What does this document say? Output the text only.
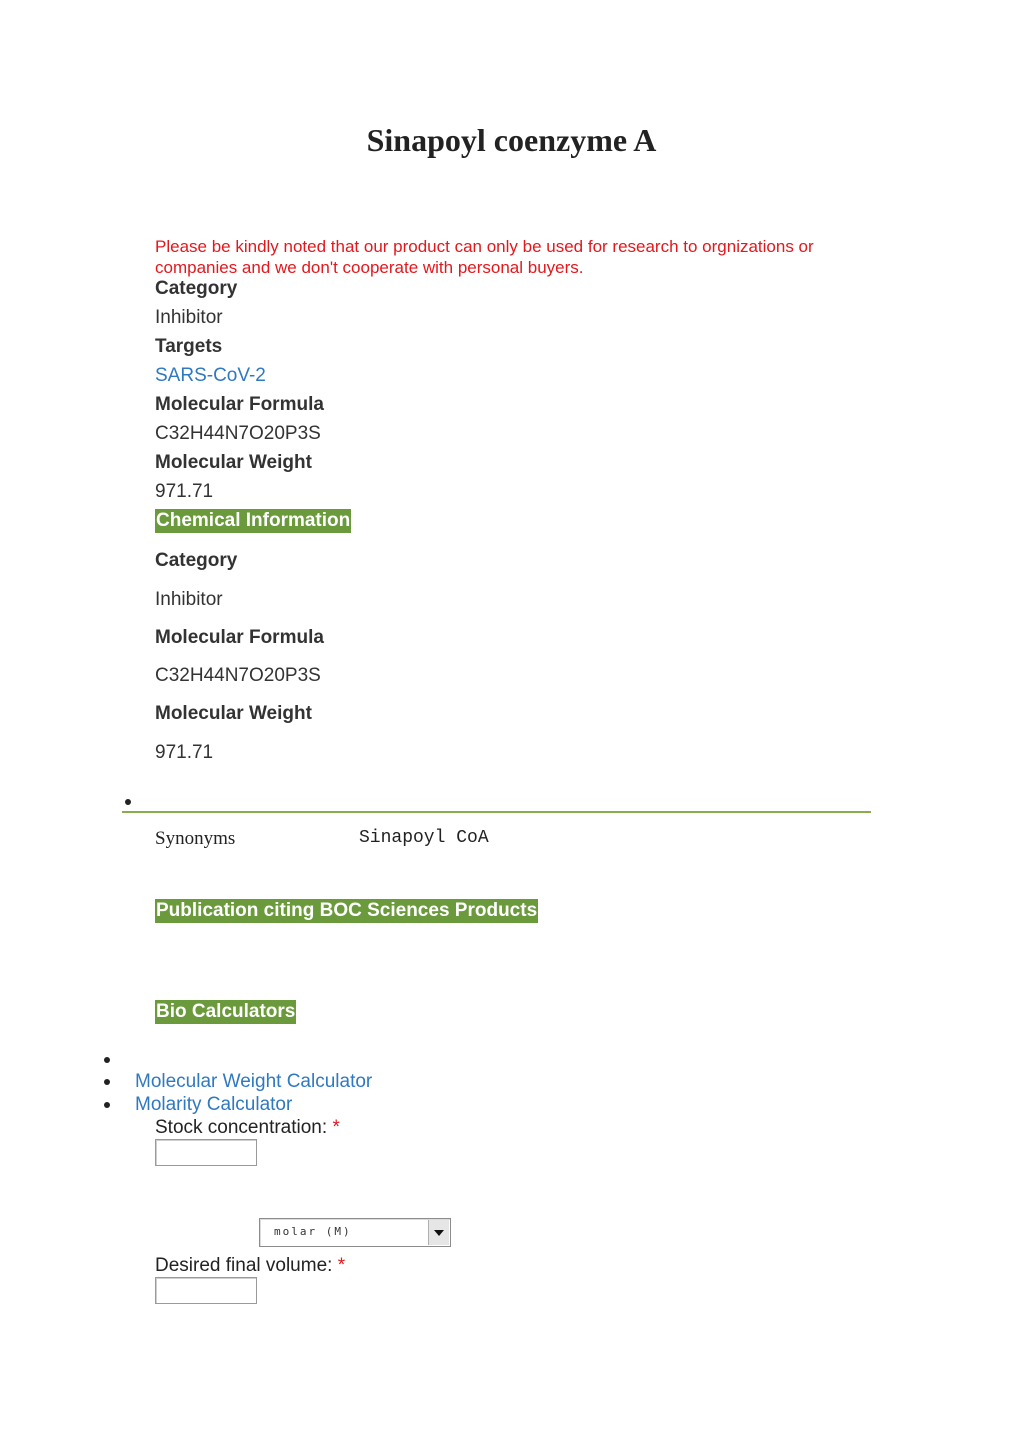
Sinapoyl coenzyme A
Please be kindly noted that our product can only be used for research to orgnizations or companies and we don't cooperate with personal buyers.
Category
Inhibitor
Targets
SARS-CoV-2
Molecular Formula
C32H44N7O20P3S
Molecular Weight
971.71
Chemical Information
Category
Inhibitor
Molecular Formula
C32H44N7O20P3S
Molecular Weight
971.71
Synonyms	Sinapoyl CoA
Publication citing BOC Sciences Products
Bio Calculators
Molecular Weight Calculator
Molarity Calculator
Stock concentration: *
molar (M)
Desired final volume: *
